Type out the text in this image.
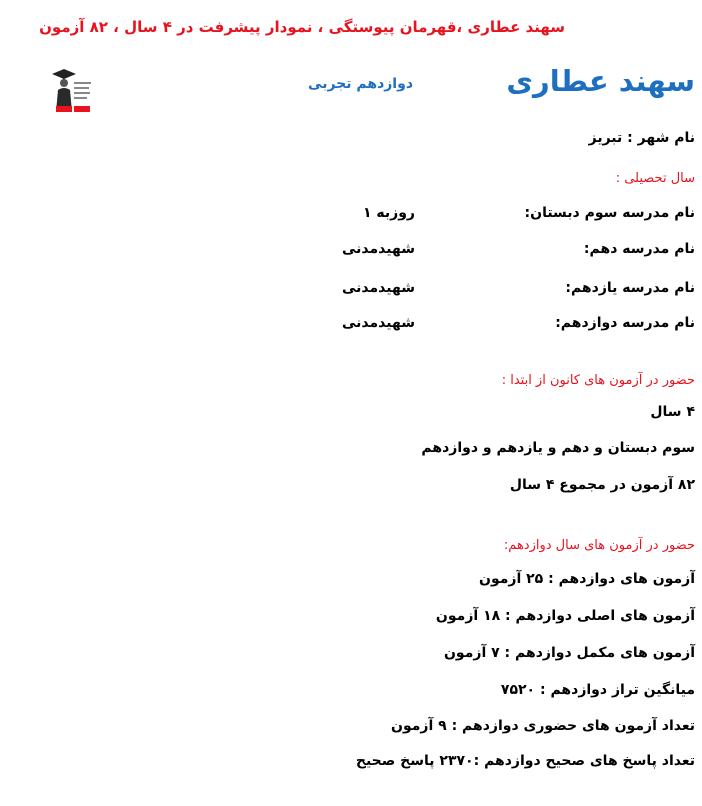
سهند عطاری ،قهرمان پیوستگی ، نمودار پیشرفت در ۴ سال ، ۸۲ آزمون
سهند عطاری
دوازدهم تجربی
نام شهر : تبریز
سال تحصیلی :
نام مدرسه سوم دبستان:
روزبه ۱
نام مدرسه دهم:
شهیدمدنی
نام مدرسه یازدهم:
شهیدمدنی
نام مدرسه دوازدهم:
شهیدمدنی
حضور در آزمون های کانون از ابتدا :
۴ سال
سوم دبستان و دهم و یازدهم و دوازدهم
۸۲ آزمون در مجموع ۴ سال
حضور در آزمون های سال دوازدهم:
آزمون های دوازدهم : ۲۵ آزمون
آزمون های اصلی دوازدهم : ۱۸ آزمون
آزمون های مکمل دوازدهم : ۷ آزمون
میانگین تراز دوازدهم : ۷۵۲۰
تعداد آزمون های حضوری دوازدهم : ۹ آزمون
تعداد پاسخ های صحیح دوازدهم :۲۳۷۰ پاسخ صحیح
